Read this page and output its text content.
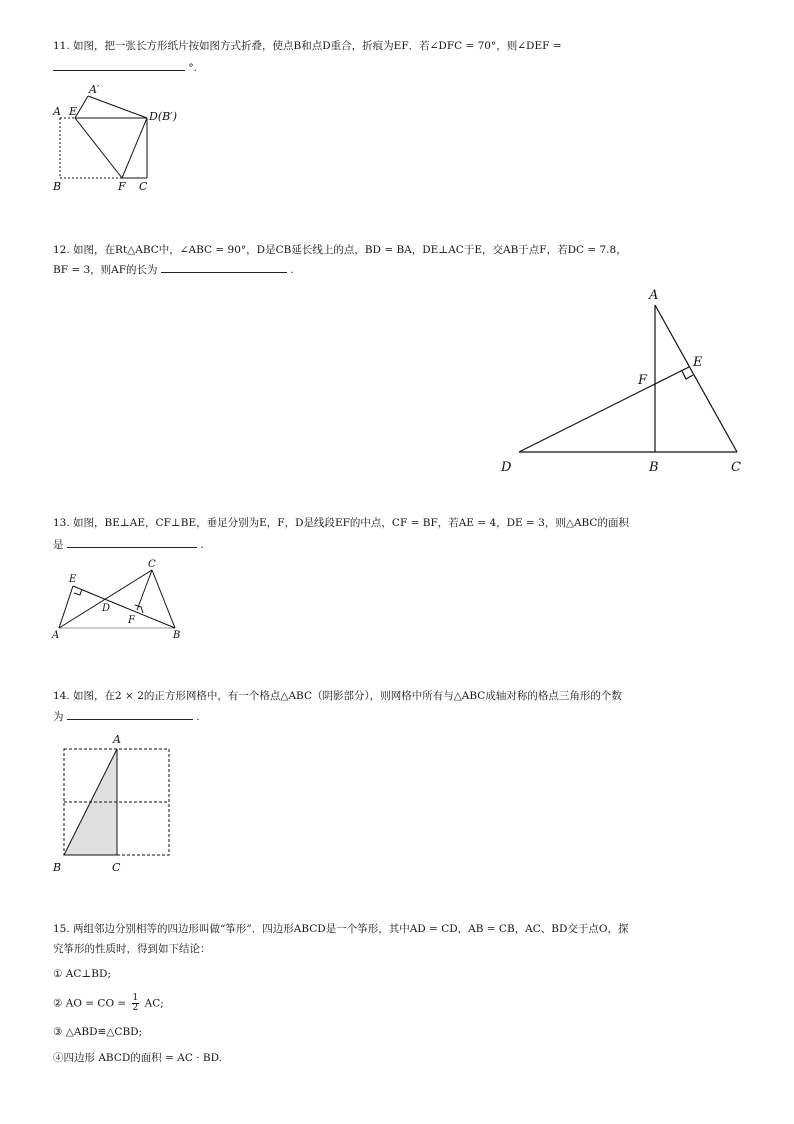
11. 如图，把一张长方形纸片按如图方式折叠，使点B和点D重合，折痕为EF．若∠DFC = 70°，则∠DEF =
°.
A
A′
E	D(B′)
B	F C
A
E
F
D	B	C
E
C
D
F
A	B
A
B	C
12. 如图，在Rt△ABC中，∠ABC = 90°，D是CB延长线上的点，BD = BA，DE⊥AC于E，交AB于点F，若DC = 7.8，
BF = 3，则AF的长为	.
13. 如图，BE⊥AE，CF⊥BE，垂足分别为E，F，D是线段EF的中点，CF = BF，若AE = 4，DE = 3，则△ABC的面积
是	.
14. 如图，在2 × 2的正方形网格中，有一个格点△ABC（阴影部分），则网格中所有与△ABC成轴对称的格点三角形的个数
为	.
15. 两组邻边分别相等的四边形叫做“筝形”．四边形ABCD是一个筝形，其中AD = CD，AB = CB，AC、BD交于点O，探
究筝形的性质时，得到如下结论：
① AC⊥BD;
② AO = CO = $\frac{1}{2}$ AC;
③ △ABD≌△CBD;
④四边形 ABCD的面积 = AC · BD.
